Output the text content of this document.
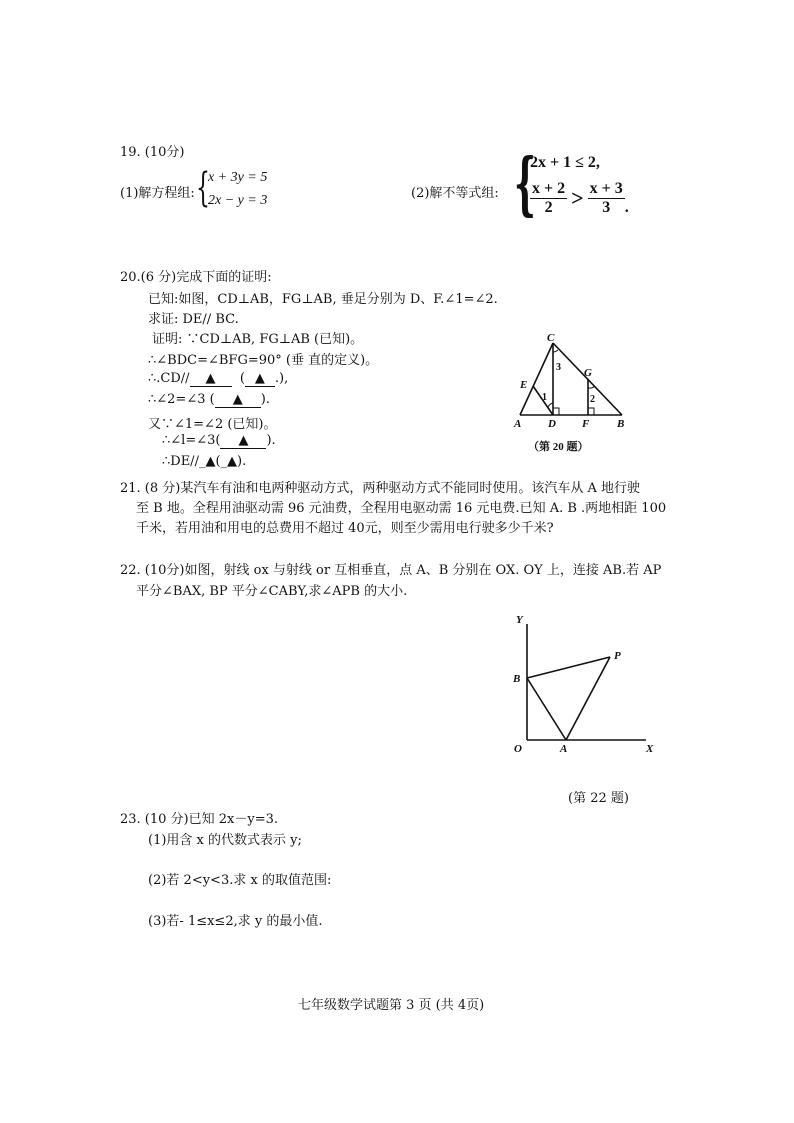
19. (10分)
(1)解方程组: {
x + 3y = 5
2x − y = 3	(2)解不等式组: {
2x + 1 ≤ 2,
$\frac{x + 2}{2} > \frac{x + 3}{3}$ .
20.(6 分)完成下面的证明:
已知:如图，CD⊥AB，FG⊥AB, 垂足分别为 D、F.∠1=∠2.
求证: DE// BC.
证明: ∵CD⊥AB, FG⊥AB (已知)。
∴∠BDC=∠BFG=90° (垂 直的定义)。
∴.CD// ▲ ( ▲ .),
∴∠2=∠3 ( ▲ ).
又∵∠1=∠2 (已知)。
∴∠l=∠3( ▲ ).
∴DE//_▲(_▲).
C
E
G
A D F	B
1
3
2
（第 20 题）
21. (8 分)某汽车有油和电两种驱动方式，两种驱动方式不能同时使用。该汽车从 A 地行驶
至 B 地。全程用油驱动需 96 元油费，全程用电驱动需 16 元电费.已知 A. B .两地相距 100
千米，若用油和用电的总费用不超过 40元，则至少需用电行驶多少千米?
22. (10分)如图，射线 ox 与射线 or 互相垂直，点 A、B 分别在 OX. OY 上，连接 AB.若 AP
平分∠BAX, BP 平分∠CABY,求∠APB 的大小.
Y
B
P
O	A	X
(第 22 题)
23. (10 分)已知 2x－y=3.
(1)用含 x 的代数式表示 y;
(2)若 2<y<3.求 x 的取值范围:
(3)若- 1≤x≤2,求 y 的最小值.
七年级数学试题第 3 页 (共 4页)
